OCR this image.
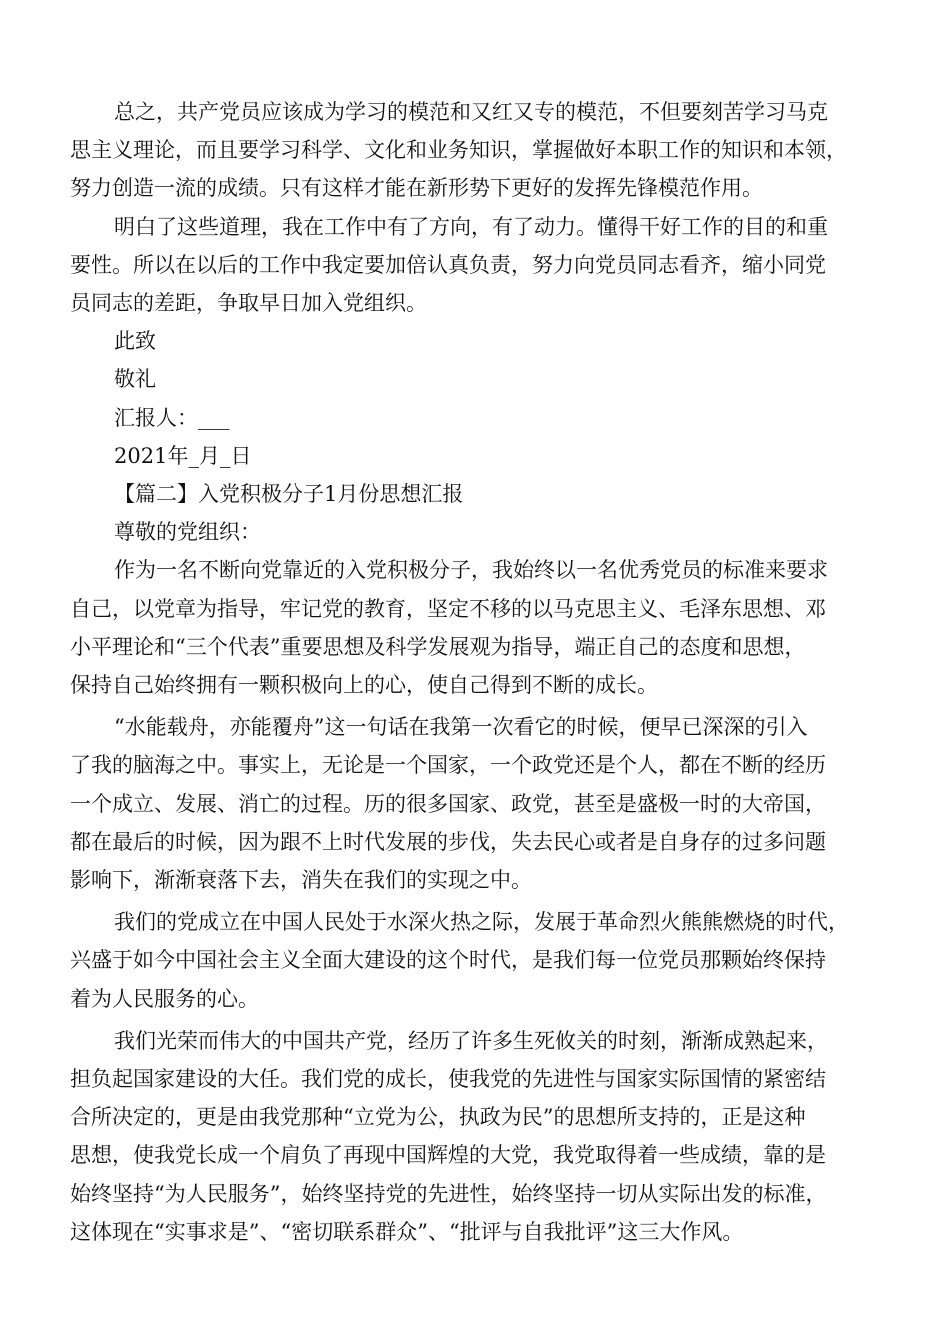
总之，共产党员应该成为学习的模范和又红又专的模范，不但要刻苦学习马克
思主义理论，而且要学习科学、文化和业务知识，掌握做好本职工作的知识和本领，
努力创造一流的成绩。只有这样才能在新形势下更好的发挥先锋模范作用。
明白了这些道理，我在工作中有了方向，有了动力。懂得干好工作的目的和重
要性。所以在以后的工作中我定要加倍认真负责，努力向党员同志看齐，缩小同党
员同志的差距，争取早日加入党组织。
此致
敬礼
汇报人：___
2021年_月_日
【篇二】入党积极分子1月份思想汇报
尊敬的党组织：
作为一名不断向党靠近的入党积极分子，我始终以一名优秀党员的标准来要求
自己，以党章为指导，牢记党的教育，坚定不移的以马克思主义、毛泽东思想、邓
小平理论和“三个代表”重要思想及科学发展观为指导，端正自己的态度和思想，
保持自己始终拥有一颗积极向上的心，使自己得到不断的成长。
“水能载舟，亦能覆舟”这一句话在我第一次看它的时候，便早已深深的引入
了我的脑海之中。事实上，无论是一个国家，一个政党还是个人，都在不断的经历
一个成立、发展、消亡的过程。历的很多国家、政党，甚至是盛极一时的大帝国，
都在最后的时候，因为跟不上时代发展的步伐，失去民心或者是自身存的过多问题
影响下，渐渐衰落下去，消失在我们的实现之中。
我们的党成立在中国人民处于水深火热之际，发展于革命烈火熊熊燃烧的时代，
兴盛于如今中国社会主义全面大建设的这个时代，是我们每一位党员那颗始终保持
着为人民服务的心。
我们光荣而伟大的中国共产党，经历了许多生死攸关的时刻，渐渐成熟起来，
担负起国家建设的大任。我们党的成长，使我党的先进性与国家实际国情的紧密结
合所决定的，更是由我党那种“立党为公，执政为民”的思想所支持的，正是这种
思想，使我党长成一个肩负了再现中国辉煌的大党，我党取得着一些成绩，靠的是
始终坚持“为人民服务”，始终坚持党的先进性，始终坚持一切从实际出发的标准，
这体现在“实事求是”、“密切联系群众”、“批评与自我批评”这三大作风。
